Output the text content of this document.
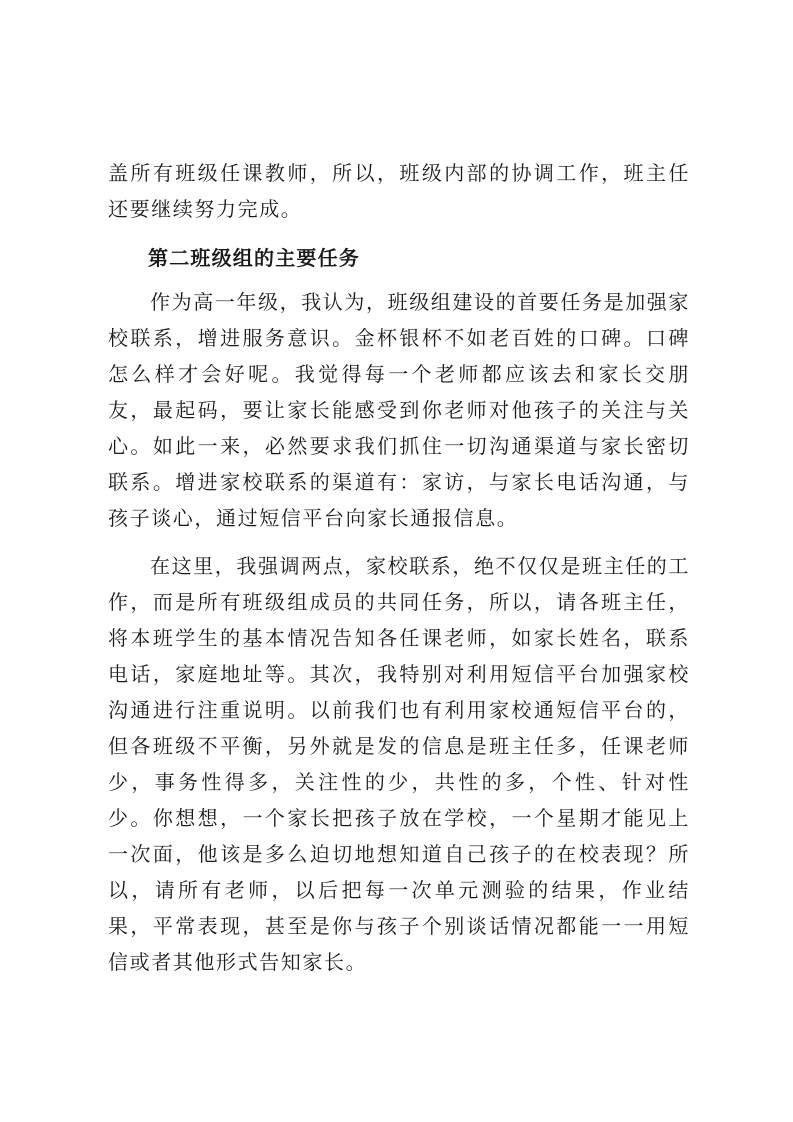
盖所有班级任课教师，所以，班级内部的协调工作，班主任还要继续努力完成。

第二班级组的主要任务

作为高一年级，我认为，班级组建设的首要任务是加强家校联系，增进服务意识。金杯银杯不如老百姓的口碑。口碑怎么样才会好呢。我觉得每一个老师都应该去和家长交朋友，最起码，要让家长能感受到你老师对他孩子的关注与关心。如此一来，必然要求我们抓住一切沟通渠道与家长密切联系。增进家校联系的渠道有：家访，与家长电话沟通，与孩子谈心，通过短信平台向家长通报信息。

在这里，我强调两点，家校联系，绝不仅仅是班主任的工作，而是所有班级组成员的共同任务，所以，请各班主任，将本班学生的基本情况告知各任课老师，如家长姓名，联系电话，家庭地址等。其次，我特别对利用短信平台加强家校沟通进行注重说明。以前我们也有利用家校通短信平台的，但各班级不平衡，另外就是发的信息是班主任多，任课老师少，事务性得多，关注性的少，共性的多，个性、针对性少。你想想，一个家长把孩子放在学校，一个星期才能见上一次面，他该是多么迫切地想知道自己孩子的在校表现？所以，请所有老师，以后把每一次单元测验的结果，作业结果，平常表现，甚至是你与孩子个别谈话情况都能一一用短信或者其他形式告知家长。
